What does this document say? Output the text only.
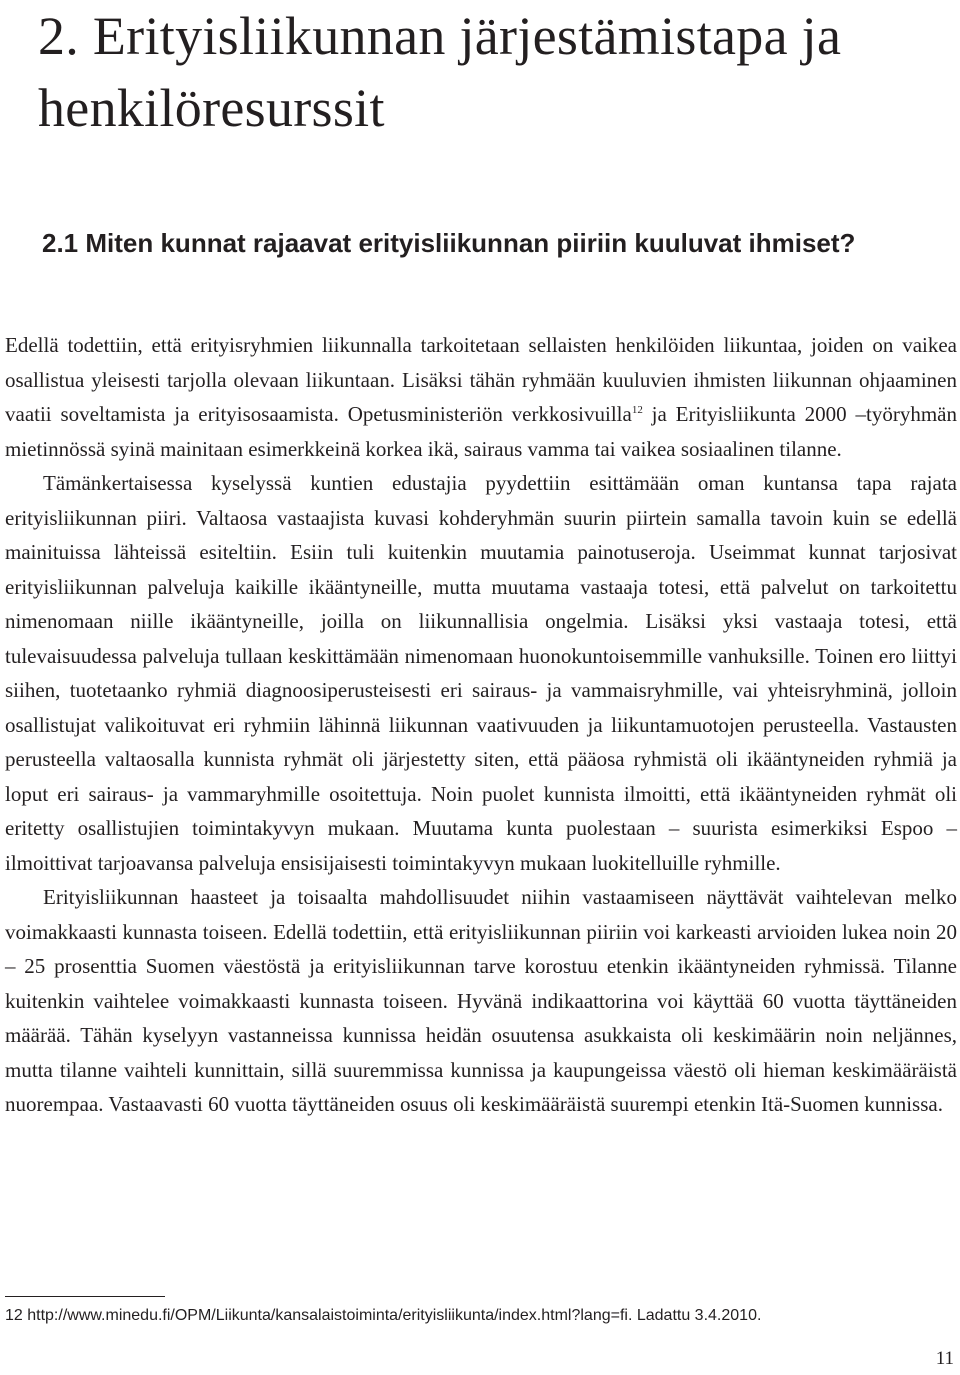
2. Erityisliikunnan järjestämistapa ja henkilöresurssit
2.1 Miten kunnat rajaavat erityisliikunnan piiriin kuuluvat ihmiset?

Edellä todettiin, että erityisryhmien liikunnalla tarkoitetaan sellaisten henkilöiden liikuntaa, joiden on vaikea osallistua yleisesti tarjolla olevaan liikuntaan. Lisäksi tähän ryhmään kuuluvien ihmisten liikunnan ohjaaminen vaatii soveltamista ja erityisosaamista. Opetusministeriön verkkosivuilla$^{12}$ ja Erityisliikunta 2000 –työryhmän mietinnössä syinä mainitaan esimerkkeinä korkea ikä, sairaus vamma tai vaikea sosiaalinen tilanne.

Tämänkertaisessa kyselyssä kuntien edustajia pyydettiin esittämään oman kuntansa tapa rajata erityisliikunnan piiri. Valtaosa vastaajista kuvasi kohderyhmän suurin piirtein samalla tavoin kuin se edellä mainituissa lähteissä esiteltiin. Esiin tuli kuitenkin muutamia painotuseroja. Useimmat kunnat tarjosivat erityisliikunnan palveluja kaikille ikääntyneille, mutta muutama vastaaja totesi, että palvelut on tarkoitettu nimenomaan niille ikääntyneille, joilla on liikunnallisia ongelmia. Lisäksi yksi vastaaja totesi, että tulevaisuudessa palveluja tullaan keskittämään nimenomaan huonokuntoisemmille vanhuksille. Toinen ero liittyi siihen, tuotetaanko ryhmiä diagnoosiperusteisesti eri sairaus- ja vammaisryhmille, vai yhteisryhminä, jolloin osallistujat valikoituvat eri ryhmiin lähinnä liikunnan vaativuuden ja liikuntamuotojen perusteella. Vastausten perusteella valtaosalla kunnista ryhmät oli järjestetty siten, että pääosa ryhmistä oli ikääntyneiden ryhmiä ja loput eri sairaus- ja vammaryhmille osoitettuja. Noin puolet kunnista ilmoitti, että ikääntyneiden ryhmät oli eritetty osallistujien toimintakyvyn mukaan. Muutama kunta puolestaan – suurista esimerkiksi Espoo – ilmoittivat tarjoavansa palveluja ensisijaisesti toimintakyvyn mukaan luokitelluille ryhmille.

Erityisliikunnan haasteet ja toisaalta mahdollisuudet niihin vastaamiseen näyttävät vaihtelevan melko voimakkaasti kunnasta toiseen. Edellä todettiin, että erityisliikunnan piiriin voi karkeasti arvioiden lukea noin 20 – 25 prosenttia Suomen väestöstä ja erityisliikunnan tarve korostuu etenkin ikääntyneiden ryhmissä. Tilanne kuitenkin vaihtelee voimakkaasti kunnasta toiseen. Hyvänä indikaattorina voi käyttää 60 vuotta täyttäneiden määrää. Tähän kyselyyn vastanneissa kunnissa heidän osuutensa asukkaista oli keskimäärin noin neljännes, mutta tilanne vaihteli kunnittain, sillä suuremmissa kunnissa ja kaupungeissa väestö oli hieman keskimääräistä nuorempaa. Vastaavasti 60 vuotta täyttäneiden osuus oli keskimääräistä suurempi etenkin Itä-Suomen kunnissa.

12 http://www.minedu.fi/OPM/Liikunta/kansalaistoiminta/erityisliikunta/index.html?lang=fi. Ladattu 3.4.2010.
11
